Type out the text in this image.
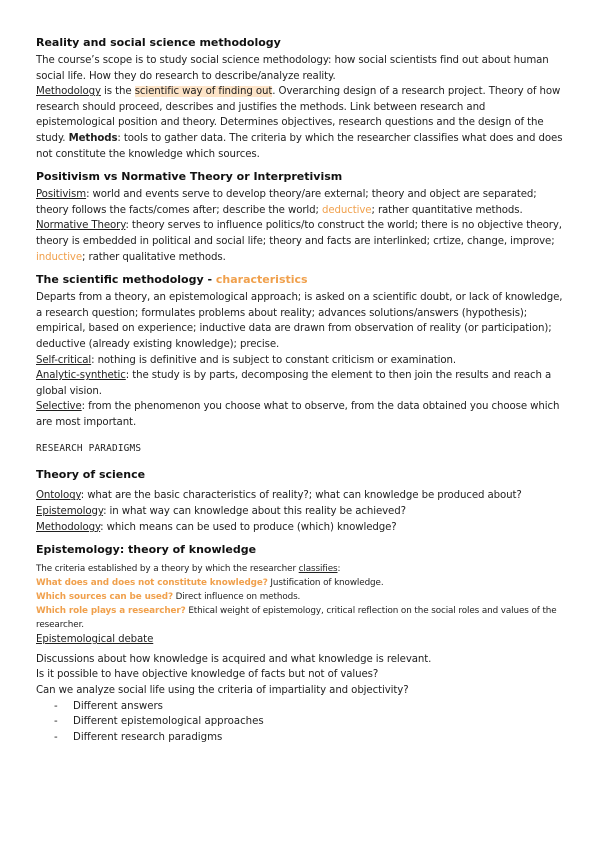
Reality and social science methodology

The course’s scope is to study social science methodology: how social scientists find out about human social life. How they do research to describe/analyze reality.
Methodology is the scientific way of finding out. Overarching design of a research project. Theory of how research should proceed, describes and justifies the methods. Link between research and epistemological position and theory. Determines objectives, research questions and the design of the study. Methods: tools to gather data. The criteria by which the researcher classifies what does and does not constitute the knowledge which sources.

Positivism vs Normative Theory or Interpretivism

Positivism: world and events serve to develop theory/are external; theory and object are separated; theory follows the facts/comes after; describe the world; deductive; rather quantitative methods.

Normative Theory: theory serves to influence politics/to construct the world; there is no objective theory, theory is embedded in political and social life; theory and facts are interlinked; crtize, change, improve; inductive; rather qualitative methods.

The scientific methodology - characteristics

Departs from a theory, an epistemological approach; is asked on a scientific doubt, or lack of knowledge, a research question; formulates problems about reality; advances solutions/answers (hypothesis); empirical, based on experience; inductive data are drawn from observation of reality (or participation); deductive (already existing knowledge); precise.

Self-critical: nothing is definitive and is subject to constant criticism or examination.

Analytic-synthetic: the study is by parts, decomposing the element to then join the results and reach a global vision.

Selective: from the phenomenon you choose what to observe, from the data obtained you choose which are most important.

RESEARCH PARADIGMS

Theory of science

Ontology: what are the basic characteristics of reality?; what can knowledge be produced about?

Epistemology: in what way can knowledge about this reality be achieved?

Methodology: which means can be used to produce (which) knowledge?

Epistemology: theory of knowledge

The criteria established by a theory by which the researcher classifies:

What does and does not constitute knowledge? Justification of knowledge.

Which sources can be used? Direct influence on methods.

Which role plays a researcher? Ethical weight of epistemology, critical reflection on the social roles and values of the researcher.

Epistemological debate

Discussions about how knowledge is acquired and what knowledge is relevant.

Is it possible to have objective knowledge of facts but not of values?

Can we analyze social life using the criteria of impartiality and objectivity?

- Different answers
- Different epistemological approaches
- Different research paradigms
